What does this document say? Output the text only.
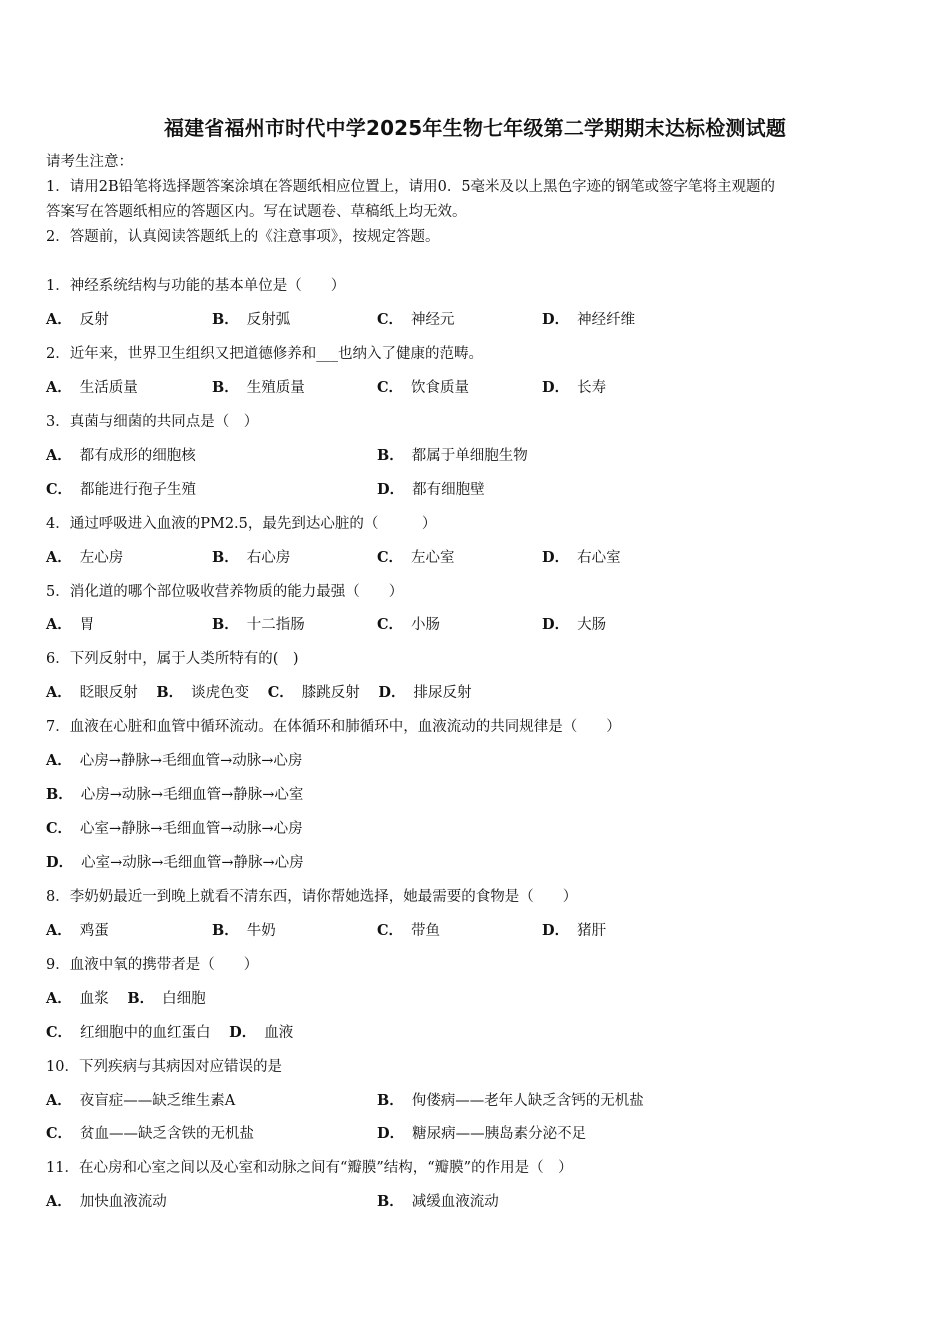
福建省福州市时代中学2025年生物七年级第二学期期末达标检测试题
请考生注意：
1．请用2B铅笔将选择题答案涂填在答题纸相应位置上，请用0．5毫米及以上黑色字迹的钢笔或签字笔将主观题的
答案写在答题纸相应的答题区内。写在试题卷、草稿纸上均无效。
2．答题前，认真阅读答题纸上的《注意事项》，按规定答题。
1．神经系统结构与功能的基本单位是（　　）
A． 反射	B． 反射弧	C． 神经元	D． 神经纤维
2．近年来，世界卫生组织又把道德修养和___也纳入了健康的范畴。
A． 生活质量	B． 生殖质量	C． 饮食质量	D． 长寿
3．真菌与细菌的共同点是（　）
A． 都有成形的细胞核	B． 都属于单细胞生物
C． 都能进行孢子生殖	D． 都有细胞壁
4．通过呼吸进入血液的PM2.5，最先到达心脏的（　　　）
A． 左心房	B． 右心房	C． 左心室	D． 右心室
5．消化道的哪个部位吸收营养物质的能力最强（　　）
A． 胃	B． 十二指肠	C． 小肠	D． 大肠
6．下列反射中，属于人类所特有的(　)
A． 眨眼反射 B． 谈虎色变 C． 膝跳反射 D． 排尿反射
7．血液在心脏和血管中循环流动。在体循环和肺循环中，血液流动的共同规律是（　　）
A． 心房→静脉→毛细血管→动脉→心房
B． 心房→动脉→毛细血管→静脉→心室
C． 心室→静脉→毛细血管→动脉→心房
D． 心室→动脉→毛细血管→静脉→心房
8．李奶奶最近一到晚上就看不清东西，请你帮她选择，她最需要的食物是（　　）
A． 鸡蛋	B． 牛奶	C． 带鱼	D． 猪肝
9．血液中氧的携带者是（　　）
A． 血浆 B． 白细胞
C． 红细胞中的血红蛋白 D． 血液
10．下列疾病与其病因对应错误的是
A． 夜盲症——缺乏维生素A	B． 佝偻病——老年人缺乏含钙的无机盐
C． 贫血——缺乏含铁的无机盐	D． 糖尿病——胰岛素分泌不足
11．在心房和心室之间以及心室和动脉之间有“瓣膜”结构，“瓣膜”的作用是（　）
A． 加快血液流动	B． 减缓血液流动
